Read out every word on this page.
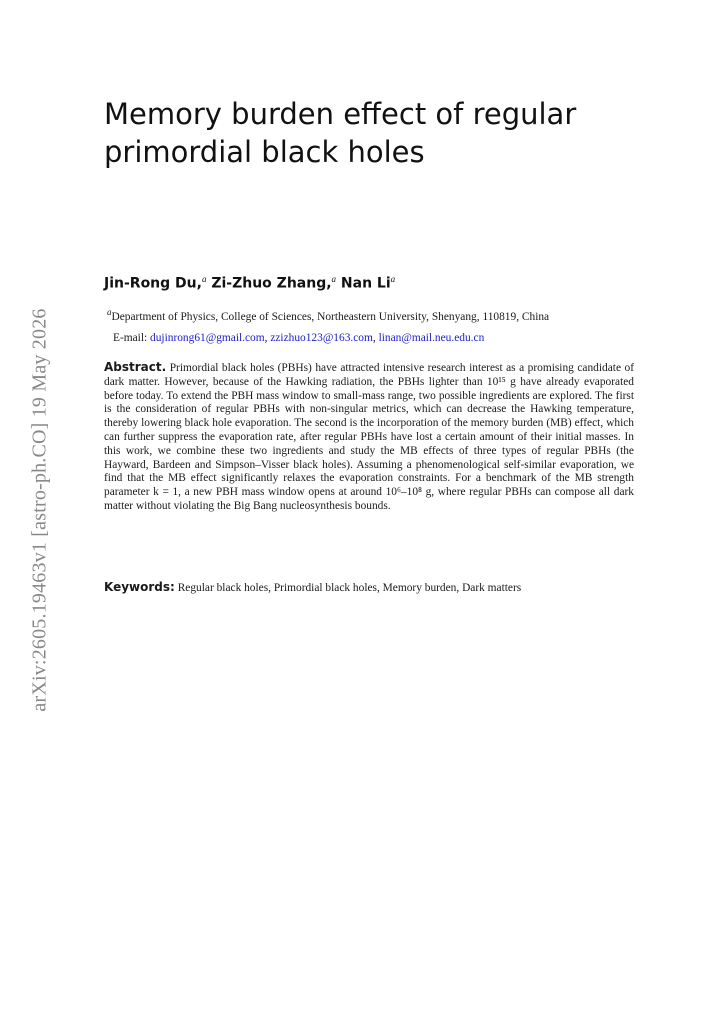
arXiv:2605.19463v1 [astro-ph.CO] 19 May 2026
Memory burden effect of regular primordial black holes
Jin-Rong Du,$^a$ Zi-Zhuo Zhang,$^a$ Nan Li$^a$
$^a$Department of Physics, College of Sciences, Northeastern University, Shenyang, 110819, China
E-mail: dujinrong61@gmail.com, zzizhuo123@163.com, linan@mail.neu.edu.cn
Abstract. Primordial black holes (PBHs) have attracted intensive research interest as a promising candidate of dark matter. However, because of the Hawking radiation, the PBHs lighter than 10¹⁵ g have already evaporated before today. To extend the PBH mass window to small-mass range, two possible ingredients are explored. The first is the consideration of regular PBHs with non-singular metrics, which can decrease the Hawking temperature, thereby lowering black hole evaporation. The second is the incorporation of the memory burden (MB) effect, which can further suppress the evaporation rate, after regular PBHs have lost a certain amount of their initial masses. In this work, we combine these two ingredients and study the MB effects of three types of regular PBHs (the Hayward, Bardeen and Simpson–Visser black holes). Assuming a phenomenological self-similar evaporation, we find that the MB effect significantly relaxes the evaporation constraints. For a benchmark of the MB strength parameter k = 1, a new PBH mass window opens at around 10⁶–10⁸ g, where regular PBHs can compose all dark matter without violating the Big Bang nucleosynthesis bounds.
Keywords: Regular black holes, Primordial black holes, Memory burden, Dark matters
